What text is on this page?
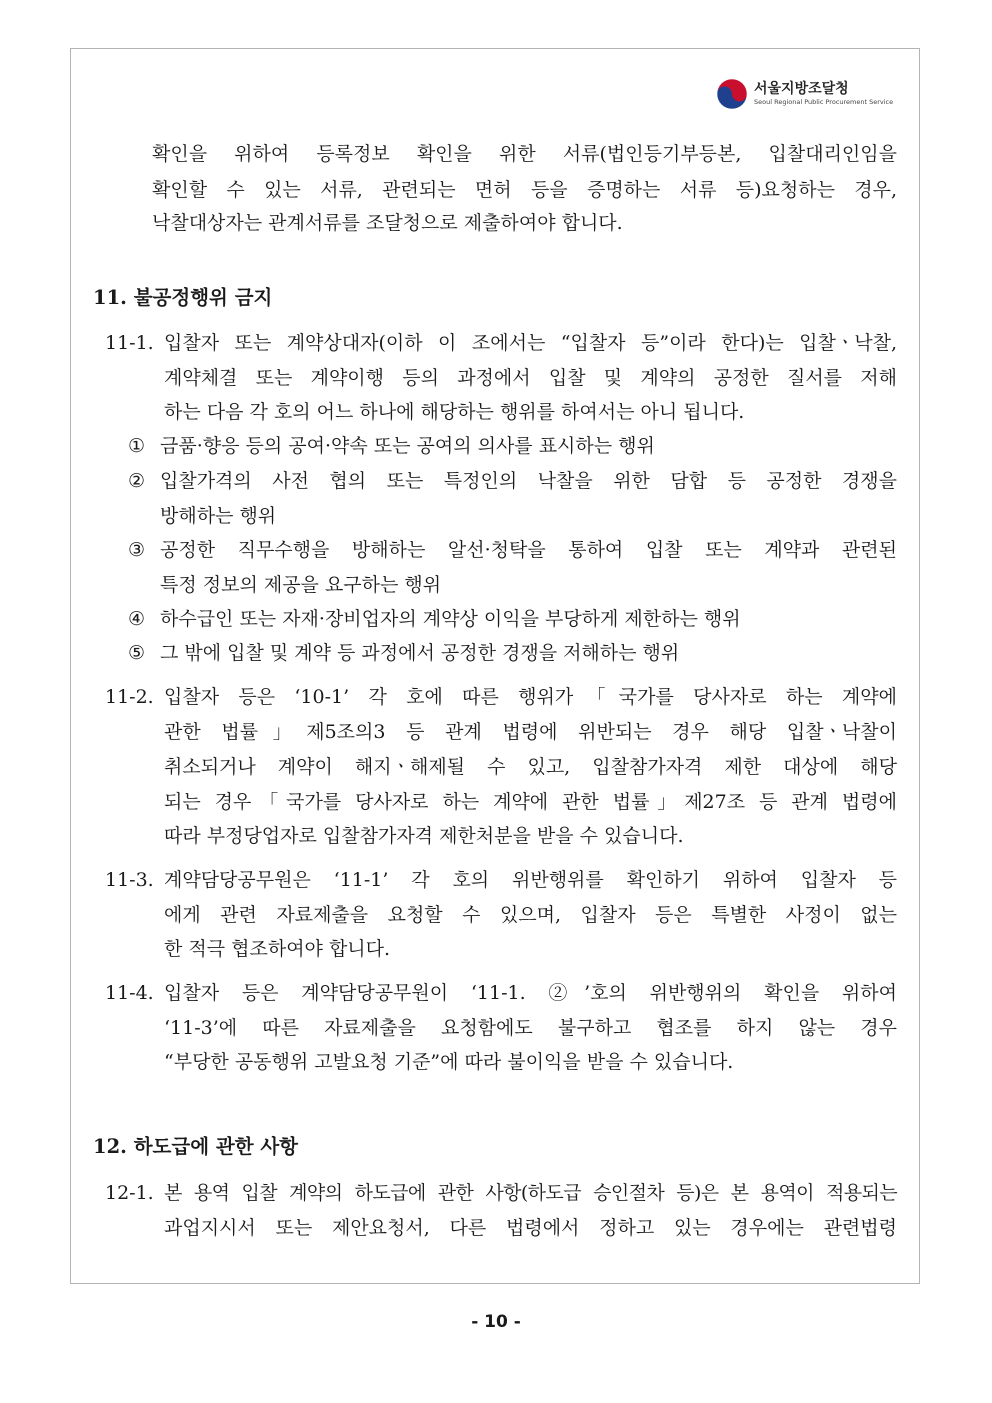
서울지방조달청
Seoul Regional Public Procurement Service
확인을 위하여 등록정보 확인을 위한 서류(법인등기부등본, 입찰대리인임을
확인할 수 있는 서류, 관련되는 면허 등을 증명하는 서류 등)요청하는 경우,
낙찰대상자는 관계서류를 조달청으로 제출하여야 합니다.
11. 불공정행위 금지
11-1. 입찰자 또는 계약상대자(이하 이 조에서는 “입찰자 등”이라 한다)는 입찰ㆍ낙찰,
계약체결 또는 계약이행 등의 과정에서 입찰 및 계약의 공정한 질서를 저해
하는 다음 각 호의 어느 하나에 해당하는 행위를 하여서는 아니 됩니다.
① 금품·향응 등의 공여·약속 또는 공여의 의사를 표시하는 행위
② 입찰가격의 사전 협의 또는 특정인의 낙찰을 위한 담합 등 공정한 경쟁을
방해하는 행위
③ 공정한 직무수행을 방해하는 알선·청탁을 통하여 입찰 또는 계약과 관련된
특정 정보의 제공을 요구하는 행위
④ 하수급인 또는 자재·장비업자의 계약상 이익을 부당하게 제한하는 행위
⑤ 그 밖에 입찰 및 계약 등 과정에서 공정한 경쟁을 저해하는 행위
11-2. 입찰자 등은 ‘10-1’ 각 호에 따른 행위가「국가를 당사자로 하는 계약에
관한 법률」제5조의3 등 관계 법령에 위반되는 경우 해당 입찰ㆍ낙찰이
취소되거나 계약이 해지ㆍ해제될 수 있고, 입찰참가자격 제한 대상에 해당
되는 경우「국가를 당사자로 하는 계약에 관한 법률」제27조 등 관계 법령에
따라 부정당업자로 입찰참가자격 제한처분을 받을 수 있습니다.
11-3. 계약담당공무원은 ‘11-1’ 각 호의 위반행위를 확인하기 위하여 입찰자 등
에게 관련 자료제출을 요청할 수 있으며, 입찰자 등은 특별한 사정이 없는
한 적극 협조하여야 합니다.
11-4. 입찰자 등은 계약담당공무원이 ‘11-1. ②’호의 위반행위의 확인을 위하여
‘11-3’에 따른 자료제출을 요청함에도 불구하고 협조를 하지 않는 경우
“부당한 공동행위 고발요청 기준”에 따라 불이익을 받을 수 있습니다.
12. 하도급에 관한 사항
12-1. 본 용역 입찰 계약의 하도급에 관한 사항(하도급 승인절차 등)은 본 용역이 적용되는
과업지시서 또는 제안요청서, 다른 법령에서 정하고 있는 경우에는 관련법령
- 10 -
